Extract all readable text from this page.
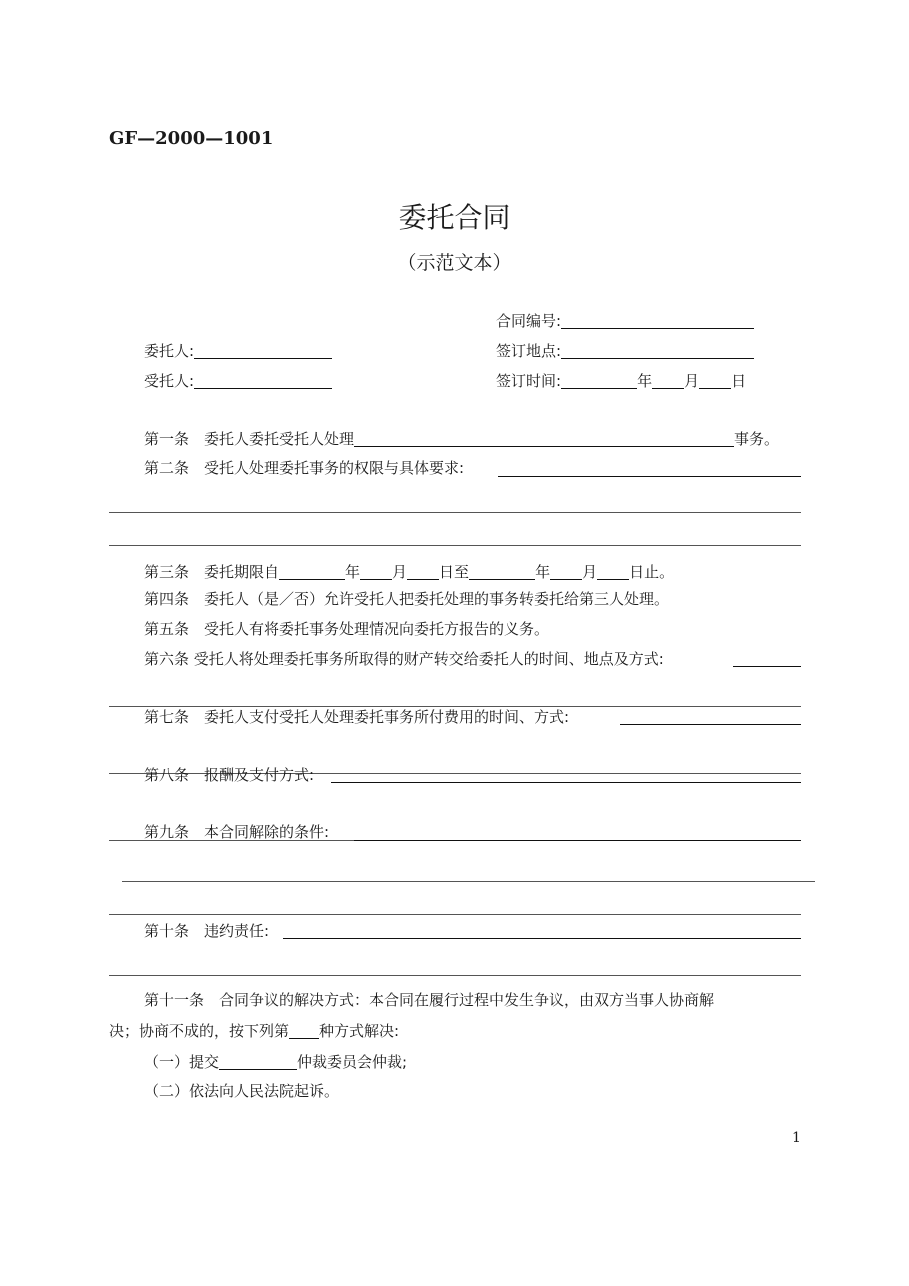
GF—2000—1001
委托合同
（示范文本）
合同编号:
委托人:	签订地点:
受托人:	签订时间:	年 月 日
第一条　委托人委托受托人处理	事务。
第二条　受托人处理委托事务的权限与具体要求:
第三条　委托期限自	年 月 日至	年 月 日止。
第四条　委托人（是／否）允许受托人把委托处理的事务转委托给第三人处理。
第五条　受托人有将委托事务处理情况向委托方报告的义务。
第六条 受托人将处理委托事务所取得的财产转交给委托人的时间、地点及方式:
第七条　委托人支付受托人处理委托事务所付费用的时间、方式:
第八条　报酬及支付方式:
第九条　本合同解除的条件:
第十条　违约责任:
第十一条　合同争议的解决方式：本合同在履行过程中发生争议，由双方当事人协商解
决；协商不成的，按下列第 种方式解决:
（一）提交	仲裁委员会仲裁;
（二）依法向人民法院起诉。
1
